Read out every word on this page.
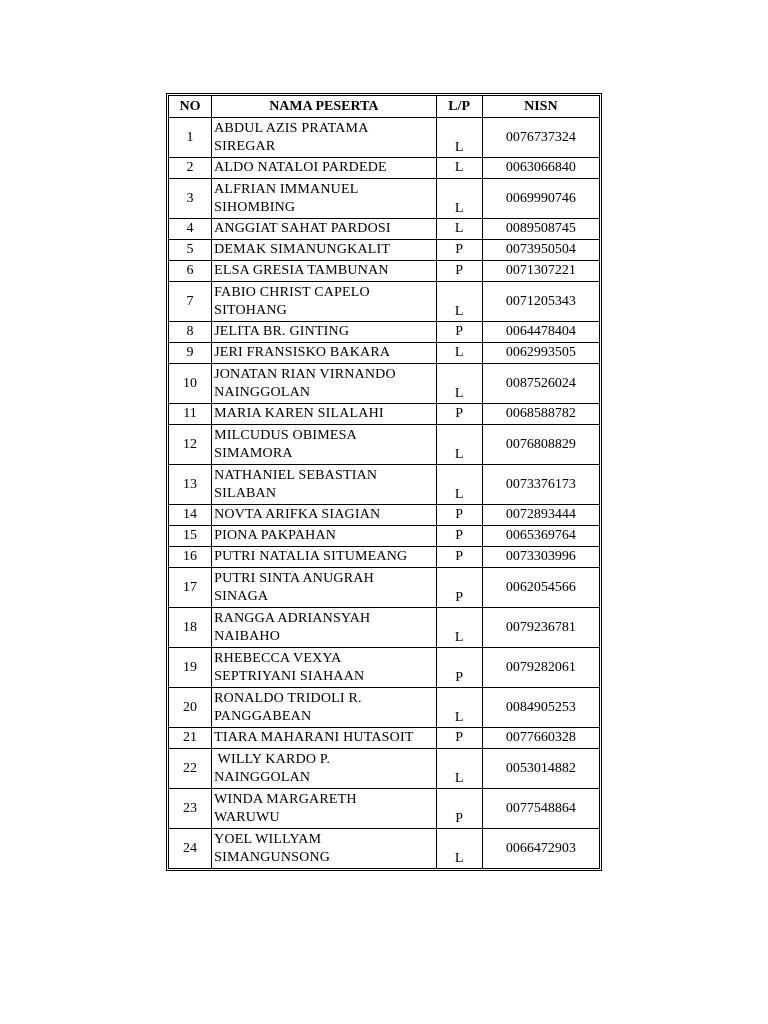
NO	NAMA PESERTA	L/P	NISN
1	ABDUL AZIS PRATAMA
SIREGAR	L	0076737324
2	ALDO NATALOI PARDEDE	L	0063066840
3	ALFRIAN IMMANUEL
SIHOMBING	L	0069990746
4	ANGGIAT SAHAT PARDOSI	L	0089508745
5	DEMAK SIMANUNGKALIT	P	0073950504
6	ELSA GRESIA TAMBUNAN	P	0071307221
7	FABIO CHRIST CAPELO
SITOHANG	L	0071205343
8	JELITA BR. GINTING	P	0064478404
9	JERI FRANSISKO BAKARA	L	0062993505
10	JONATAN RIAN VIRNANDO
NAINGGOLAN	L	0087526024
11	MARIA KAREN SILALAHI	P	0068588782
12	MILCUDUS OBIMESA
SIMAMORA	L	0076808829
13	NATHANIEL SEBASTIAN
SILABAN	L	0073376173
14	NOVTA ARIFKA SIAGIAN	P	0072893444
15	PIONA PAKPAHAN	P	0065369764
16	PUTRI NATALIA SITUMEANG	P	0073303996
17	PUTRI SINTA ANUGRAH
SINAGA	P	0062054566
18	RANGGA ADRIANSYAH
NAIBAHO	L	0079236781
19	RHEBECCA VEXYA
SEPTRIYANI SIAHAAN	P	0079282061
20	RONALDO TRIDOLI R.
PANGGABEAN	L	0084905253
21	TIARA MAHARANI HUTASOIT	P	0077660328
22	WILLY KARDO P.
NAINGGOLAN	L	0053014882
23	WINDA MARGARETH
WARUWU	P	0077548864
24	YOEL WILLYAM
SIMANGUNSONG	L	0066472903
